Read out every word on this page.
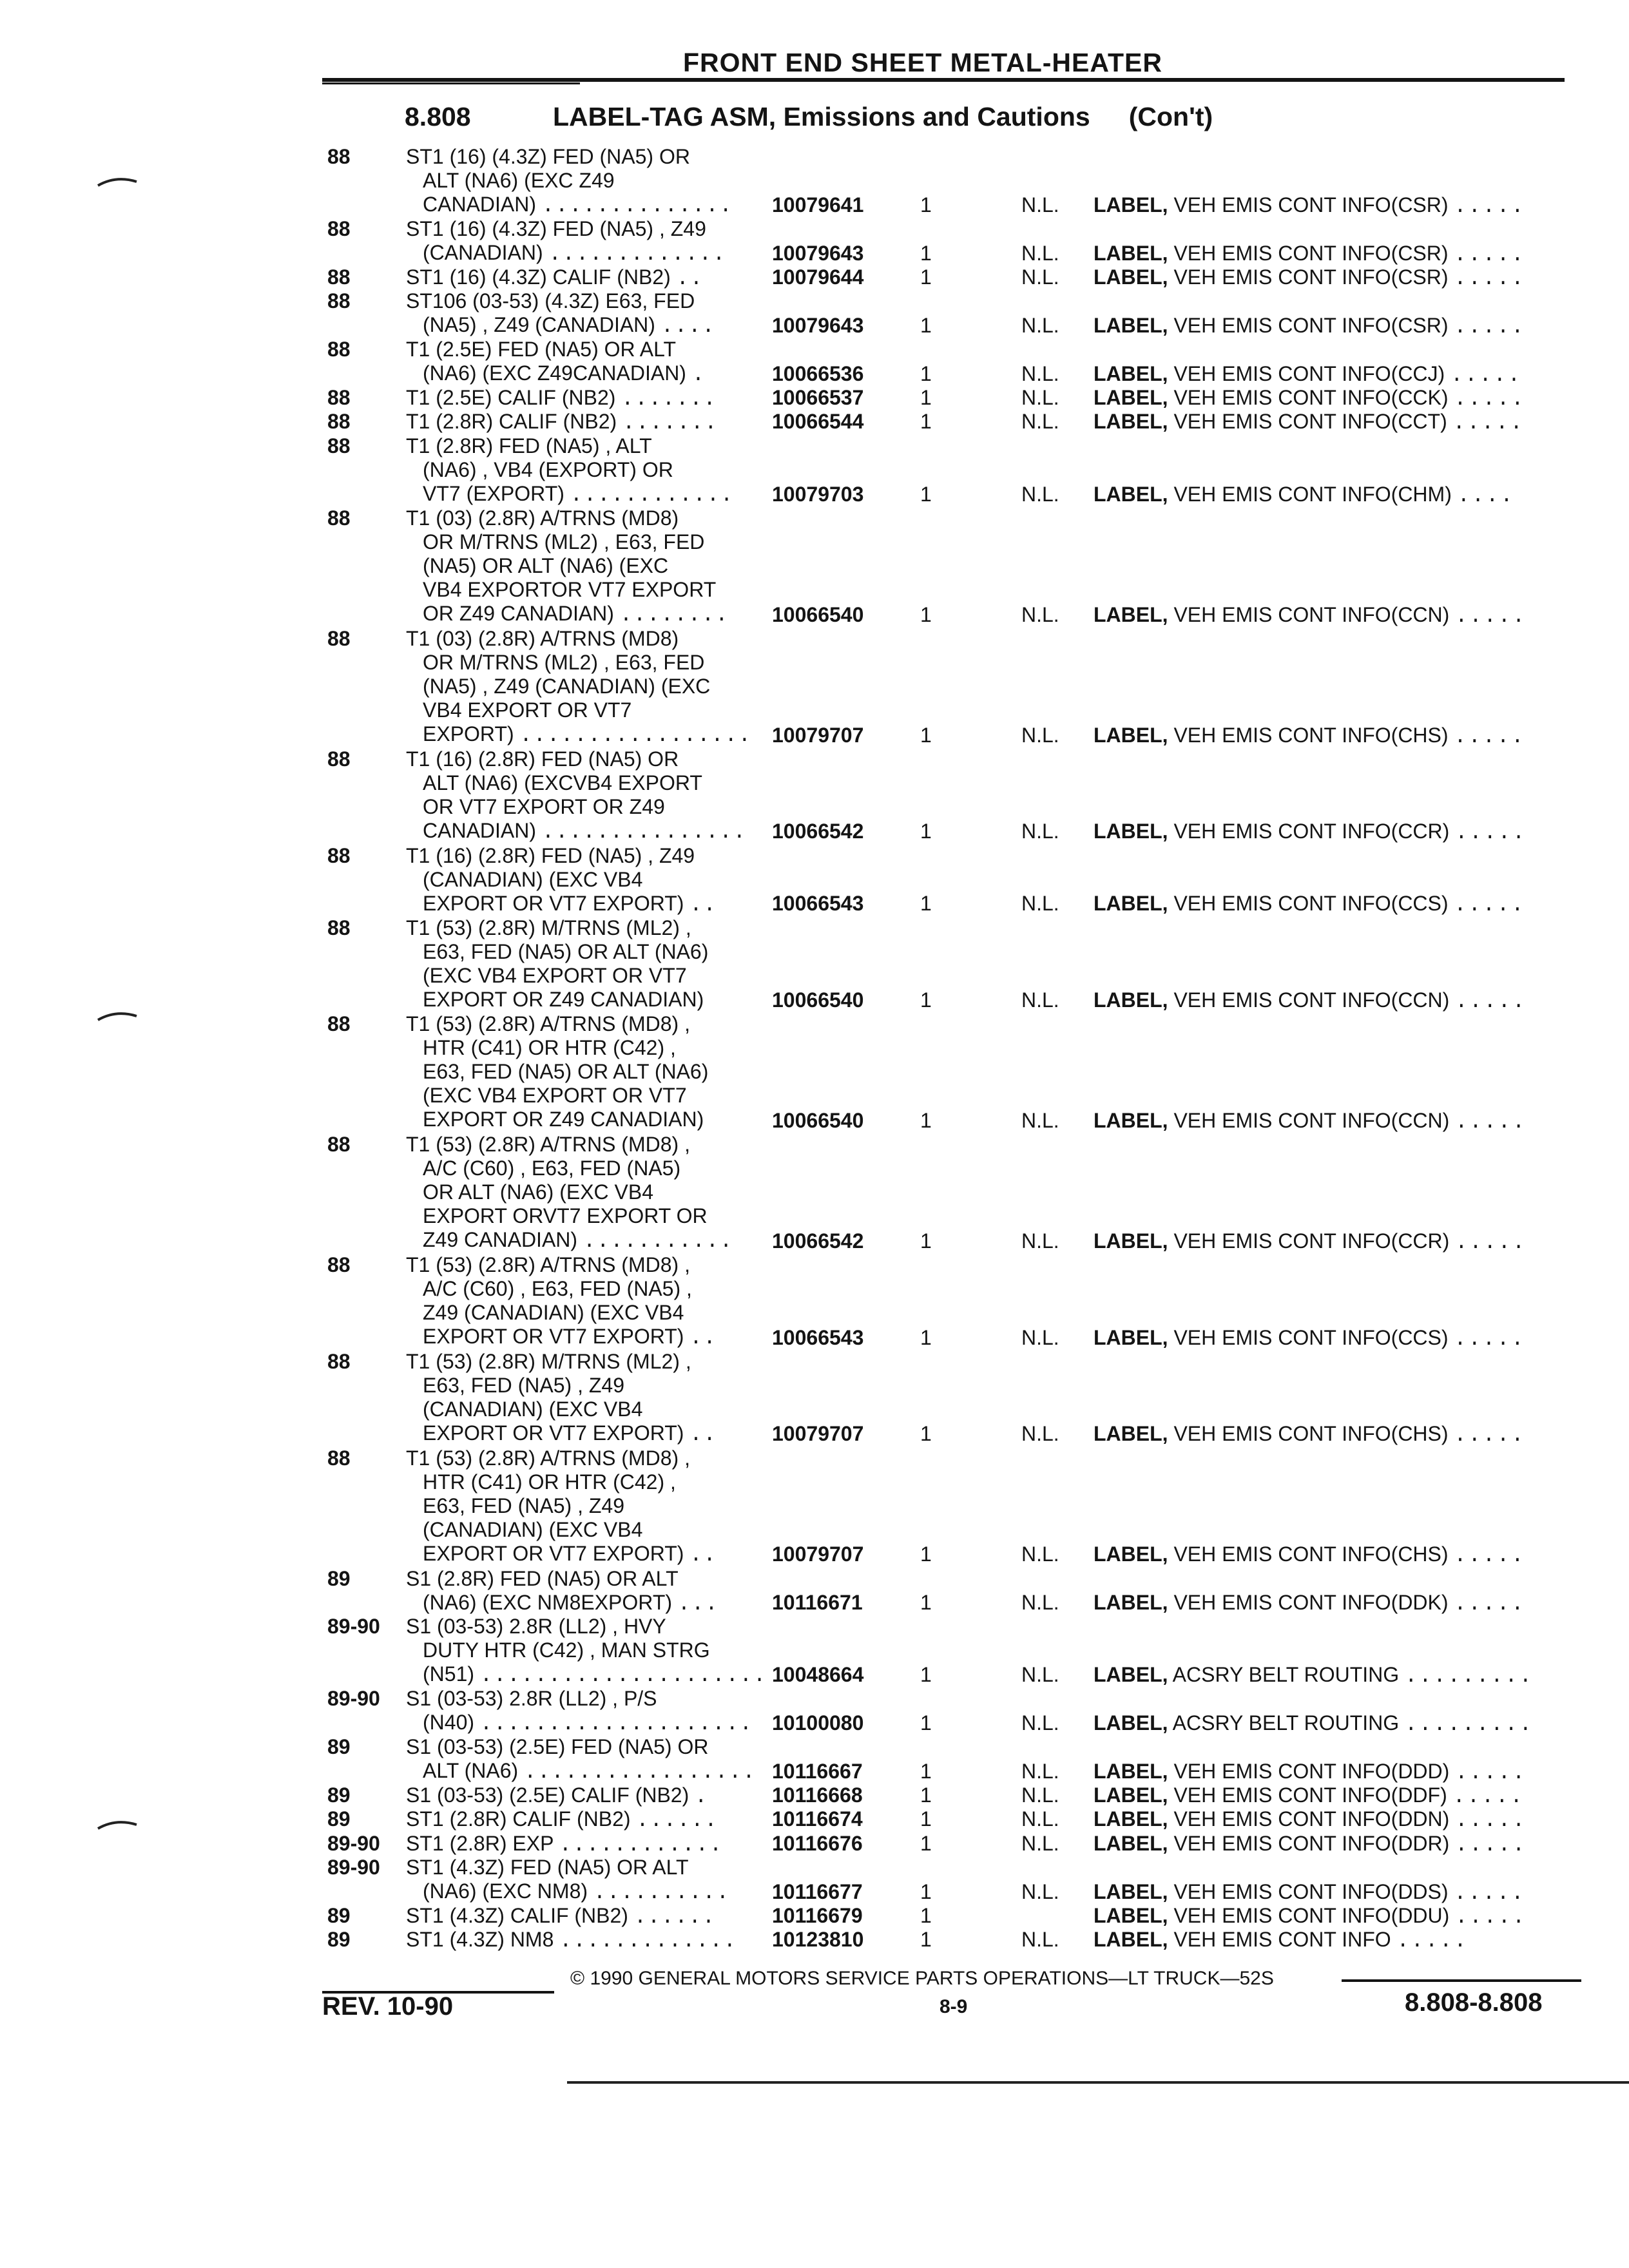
FRONT END SHEET METAL-HEATER
8.808	LABEL-TAG ASM, Emissions and Cautions (Con't)
88	ST1 (16) (4.3Z) FED (NA5) OR
ALT (NA6) (EXC Z49
CANADIAN) ..............	10079641	1	N.L. LABEL, VEH EMIS CONT INFO(CSR) .....
88	ST1 (16) (4.3Z) FED (NA5) , Z49
(CANADIAN) .............	10079643	1	N.L. LABEL, VEH EMIS CONT INFO(CSR) .....
88	ST1 (16) (4.3Z) CALIF (NB2) ..	10079644	1	N.L. LABEL, VEH EMIS CONT INFO(CSR) .....
88	ST106 (03-53) (4.3Z) E63, FED
(NA5) , Z49 (CANADIAN) ....	10079643	1	N.L. LABEL, VEH EMIS CONT INFO(CSR) .....
88	T1 (2.5E) FED (NA5) OR ALT
(NA6) (EXC Z49CANADIAN) .	10066536	1	N.L. LABEL, VEH EMIS CONT INFO(CCJ) .....
88	T1 (2.5E) CALIF (NB2) .......	10066537	1	N.L. LABEL, VEH EMIS CONT INFO(CCK) .....
88	T1 (2.8R) CALIF (NB2) .......	10066544	1	N.L. LABEL, VEH EMIS CONT INFO(CCT) .....
88	T1 (2.8R) FED (NA5) , ALT
(NA6) , VB4 (EXPORT) OR
VT7 (EXPORT) ............	10079703	1	N.L. LABEL, VEH EMIS CONT INFO(CHM) ....
88	T1 (03) (2.8R) A/TRNS (MD8)
OR M/TRNS (ML2) , E63, FED
(NA5) OR ALT (NA6) (EXC
VB4 EXPORTOR VT7 EXPORT
OR Z49 CANADIAN) ........	10066540	1	N.L. LABEL, VEH EMIS CONT INFO(CCN) .....
88	T1 (03) (2.8R) A/TRNS (MD8)
OR M/TRNS (ML2) , E63, FED
(NA5) , Z49 (CANADIAN) (EXC
VB4 EXPORT OR VT7
EXPORT) ................. 10079707	1	N.L. LABEL, VEH EMIS CONT INFO(CHS) .....
88	T1 (16) (2.8R) FED (NA5) OR
ALT (NA6) (EXCVB4 EXPORT
OR VT7 EXPORT OR Z49
CANADIAN) ...............	10066542	1	N.L. LABEL, VEH EMIS CONT INFO(CCR) .....
88	T1 (16) (2.8R) FED (NA5) , Z49
(CANADIAN) (EXC VB4
EXPORT OR VT7 EXPORT) ..	10066543	1	N.L. LABEL, VEH EMIS CONT INFO(CCS) .....
88	T1 (53) (2.8R) M/TRNS (ML2) ,
E63, FED (NA5) OR ALT (NA6)
(EXC VB4 EXPORT OR VT7
EXPORT OR Z49 CANADIAN)	10066540	1	N.L. LABEL, VEH EMIS CONT INFO(CCN) .....
88	T1 (53) (2.8R) A/TRNS (MD8) ,
HTR (C41) OR HTR (C42) ,
E63, FED (NA5) OR ALT (NA6)
(EXC VB4 EXPORT OR VT7
EXPORT OR Z49 CANADIAN)	10066540	1	N.L. LABEL, VEH EMIS CONT INFO(CCN) .....
88	T1 (53) (2.8R) A/TRNS (MD8) ,
A/C (C60) , E63, FED (NA5)
OR ALT (NA6) (EXC VB4
EXPORT ORVT7 EXPORT OR
Z49 CANADIAN) ...........	10066542	1	N.L. LABEL, VEH EMIS CONT INFO(CCR) .....
88	T1 (53) (2.8R) A/TRNS (MD8) ,
A/C (C60) , E63, FED (NA5) ,
Z49 (CANADIAN) (EXC VB4
EXPORT OR VT7 EXPORT) ..	10066543	1	N.L. LABEL, VEH EMIS CONT INFO(CCS) .....
88	T1 (53) (2.8R) M/TRNS (ML2) ,
E63, FED (NA5) , Z49
(CANADIAN) (EXC VB4
EXPORT OR VT7 EXPORT) ..	10079707	1	N.L. LABEL, VEH EMIS CONT INFO(CHS) .....
88	T1 (53) (2.8R) A/TRNS (MD8) ,
HTR (C41) OR HTR (C42) ,
E63, FED (NA5) , Z49
(CANADIAN) (EXC VB4
EXPORT OR VT7 EXPORT) ..	10079707	1	N.L. LABEL, VEH EMIS CONT INFO(CHS) .....
89	S1 (2.8R) FED (NA5) OR ALT
(NA6) (EXC NM8EXPORT) ...	10116671	1	N.L. LABEL, VEH EMIS CONT INFO(DDK) .....
89-90 S1 (03-53) 2.8R (LL2) , HVY
DUTY HTR (C42) , MAN STRG
(N51) ..................... 10048664	1	N.L. LABEL, ACSRY BELT ROUTING .........
89-90 S1 (03-53) 2.8R (LL2) , P/S
(N40) .................... 10100080	1	N.L. LABEL, ACSRY BELT ROUTING .........
89	S1 (03-53) (2.5E) FED (NA5) OR
ALT (NA6) ................. 10116667	1	N.L. LABEL, VEH EMIS CONT INFO(DDD) .....
89	S1 (03-53) (2.5E) CALIF (NB2) .	10116668	1	N.L. LABEL, VEH EMIS CONT INFO(DDF) .....
89	ST1 (2.8R) CALIF (NB2) ......	10116674	1	N.L. LABEL, VEH EMIS CONT INFO(DDN) .....
89-90 ST1 (2.8R) EXP ............	10116676	1	N.L. LABEL, VEH EMIS CONT INFO(DDR) .....
89-90 ST1 (4.3Z) FED (NA5) OR ALT
(NA6) (EXC NM8) ..........	10116677	1	N.L. LABEL, VEH EMIS CONT INFO(DDS) .....
89	ST1 (4.3Z) CALIF (NB2) ......	10116679	1	LABEL, VEH EMIS CONT INFO(DDU) .....
89	ST1 (4.3Z) NM8 .............	10123810	1	N.L. LABEL, VEH EMIS CONT INFO .....
© 1990 GENERAL MOTORS SERVICE PARTS OPERATIONS—LT TRUCK—52S
REV. 10-90	8-9	8.808-8.808
